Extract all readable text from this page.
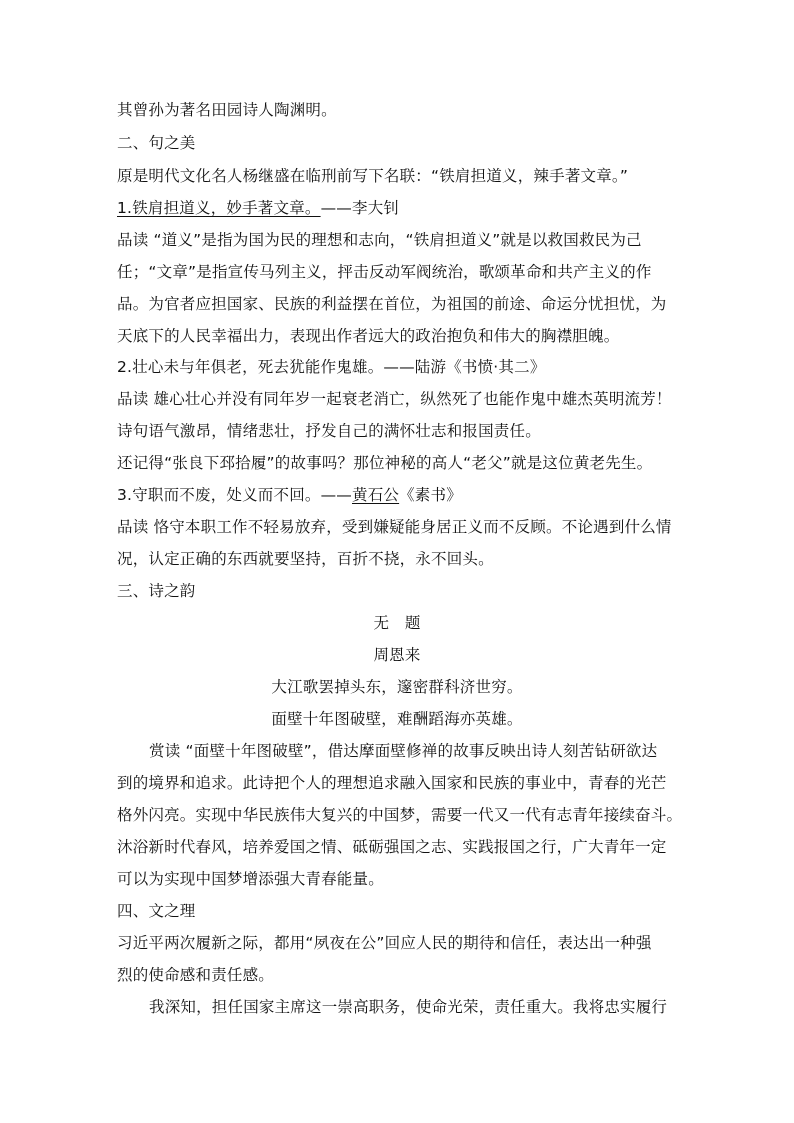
其曾孙为著名田园诗人陶渊明。
二、句之美
原是明代文化名人杨继盛在临刑前写下名联：“铁肩担道义，辣手著文章。”
1.铁肩担道义，妙手著文章。——李大钊
品读 “道义”是指为国为民的理想和志向，“铁肩担道义”就是以救国救民为己
任；“文章”是指宣传马列主义，抨击反动军阀统治，歌颂革命和共产主义的作
品。为官者应担国家、民族的利益摆在首位，为祖国的前途、命运分忧担忧，为
天底下的人民幸福出力，表现出作者远大的政治抱负和伟大的胸襟胆魄。
2.壮心未与年俱老，死去犹能作鬼雄。——陆游《书愤·其二》
品读 雄心壮心并没有同年岁一起衰老消亡，纵然死了也能作鬼中雄杰英明流芳！
诗句语气激昂，情绪悲壮，抒发自己的满怀壮志和报国责任。
还记得“张良下邳拾履”的故事吗？那位神秘的高人“老父”就是这位黄老先生。
3.守职而不废，处义而不回。——黄石公《素书》
品读 恪守本职工作不轻易放弃，受到嫌疑能身居正义而不反顾。不论遇到什么情
况，认定正确的东西就要坚持，百折不挠，永不回头。
三、诗之韵
无　题
周恩来
大江歌罢掉头东，邃密群科济世穷。
面壁十年图破壁，难酬蹈海亦英雄。
赏读 “面壁十年图破壁”，借达摩面壁修禅的故事反映出诗人刻苦钻研欲达
到的境界和追求。此诗把个人的理想追求融入国家和民族的事业中，青春的光芒
格外闪亮。实现中华民族伟大复兴的中国梦，需要一代又一代有志青年接续奋斗。
沐浴新时代春风，培养爱国之情、砥砺强国之志、实践报国之行，广大青年一定
可以为实现中国梦增添强大青春能量。
四、文之理
习近平两次履新之际，都用“夙夜在公”回应人民的期待和信任，表达出一种强
烈的使命感和责任感。
我深知，担任国家主席这一崇高职务，使命光荣，责任重大。我将忠实履行
